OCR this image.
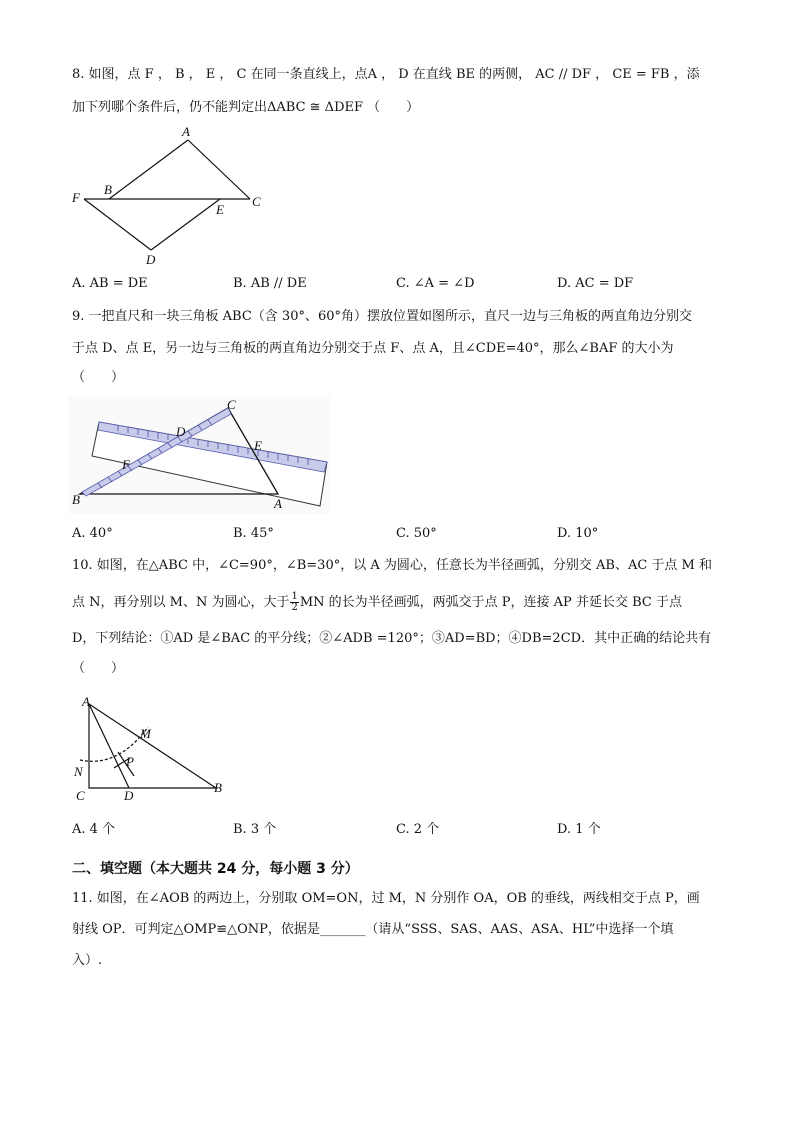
8. 如图，点 F ， B ， E ， C 在同一条直线上，点A ， D 在直线 BE 的两侧， AC // DF ， CE = FB ，添
加下列哪个条件后，仍不能判定出ΔABC ≅ ΔDEF （　　）
A
B
C
D
E
F
A. AB = DE	B. AB // DE	C. ∠A = ∠D	D. AC = DF
9. 一把直尺和一块三角板 ABC（含 30°、60°角）摆放位置如图所示，直尺一边与三角板的两直角边分别交
于点 D、点 E，另一边与三角板的两直角边分别交于点 F、点 A，且∠CDE=40°，那么∠BAF 的大小为
（　　）
C
D
E
F
B	A
A. 40°	B. 45°	C. 50°	D. 10°
10. 如图，在△ABC 中，∠C=90°，∠B=30°，以 A 为圆心，任意长为半径画弧，分别交 AB、AC 于点 M 和
点 N，再分别以 M、N 为圆心，大于 $\frac{1}{2}$ MN 的长为半径画弧，两弧交于点 P，连接 AP 并延长交 BC 于点
D，下列结论：①AD 是∠BAC 的平分线；②∠ADB =120°；③AD=BD；④DB=2CD．其中正确的结论共有
（　　）
A
M
N
P
C	D
B
A. 4 个	B. 3 个	C. 2 个	D. 1 个
二、填空题（本大题共 24 分，每小题 3 分）
11. 如图，在∠AOB 的两边上，分别取 OM=ON，过 M，N 分别作 OA，OB 的垂线，两线相交于点 P，画
射线 OP．可判定△OMP≌△ONP，依据是_______（请从“SSS、SAS、AAS、ASA、HL”中选择一个填
入）.
